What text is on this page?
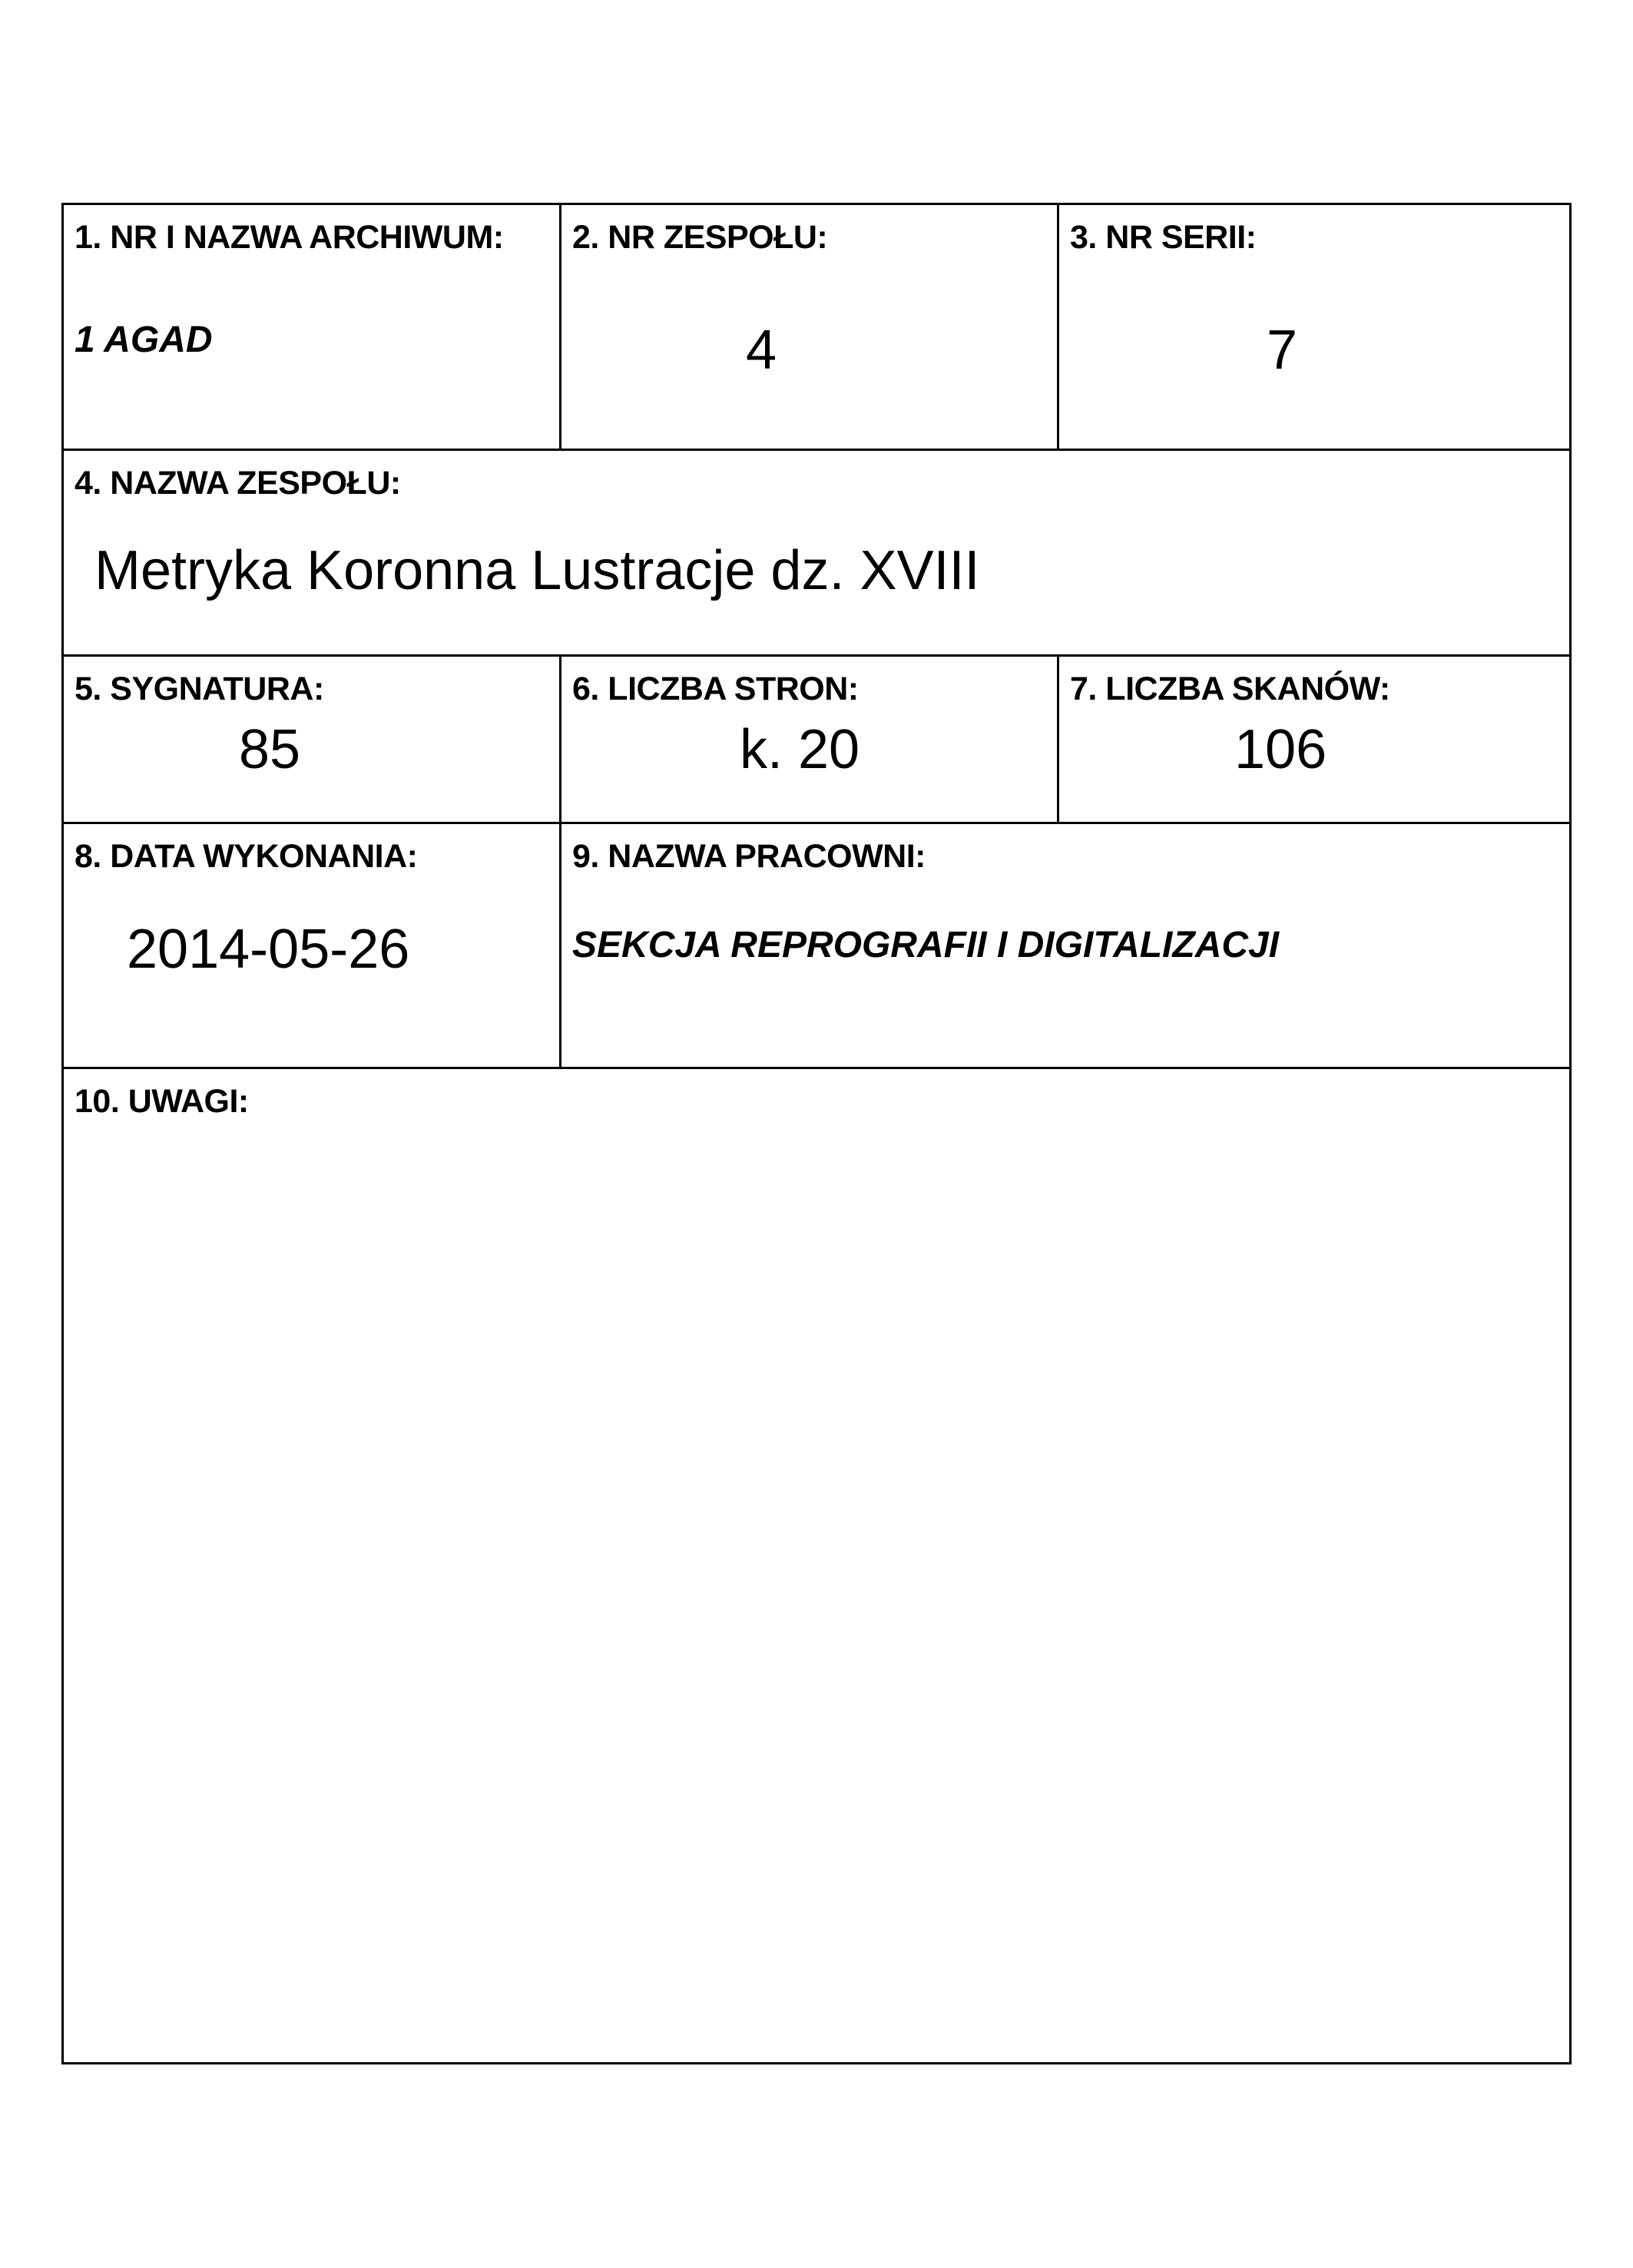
1. NR I NAZWA ARCHIWUM:
1 AGAD
2. NR ZESPOŁU:
4
3. NR SERII:
7
4. NAZWA ZESPOŁU:
Metryka Koronna Lustracje dz. XVIII
5. SYGNATURA:
85
6. LICZBA STRON:
k. 20
7. LICZBA SKANÓW:
106
8. DATA WYKONANIA:
2014-05-26
9. NAZWA PRACOWNI:
SEKCJA REPROGRAFII I DIGITALIZACJI
10. UWAGI:
